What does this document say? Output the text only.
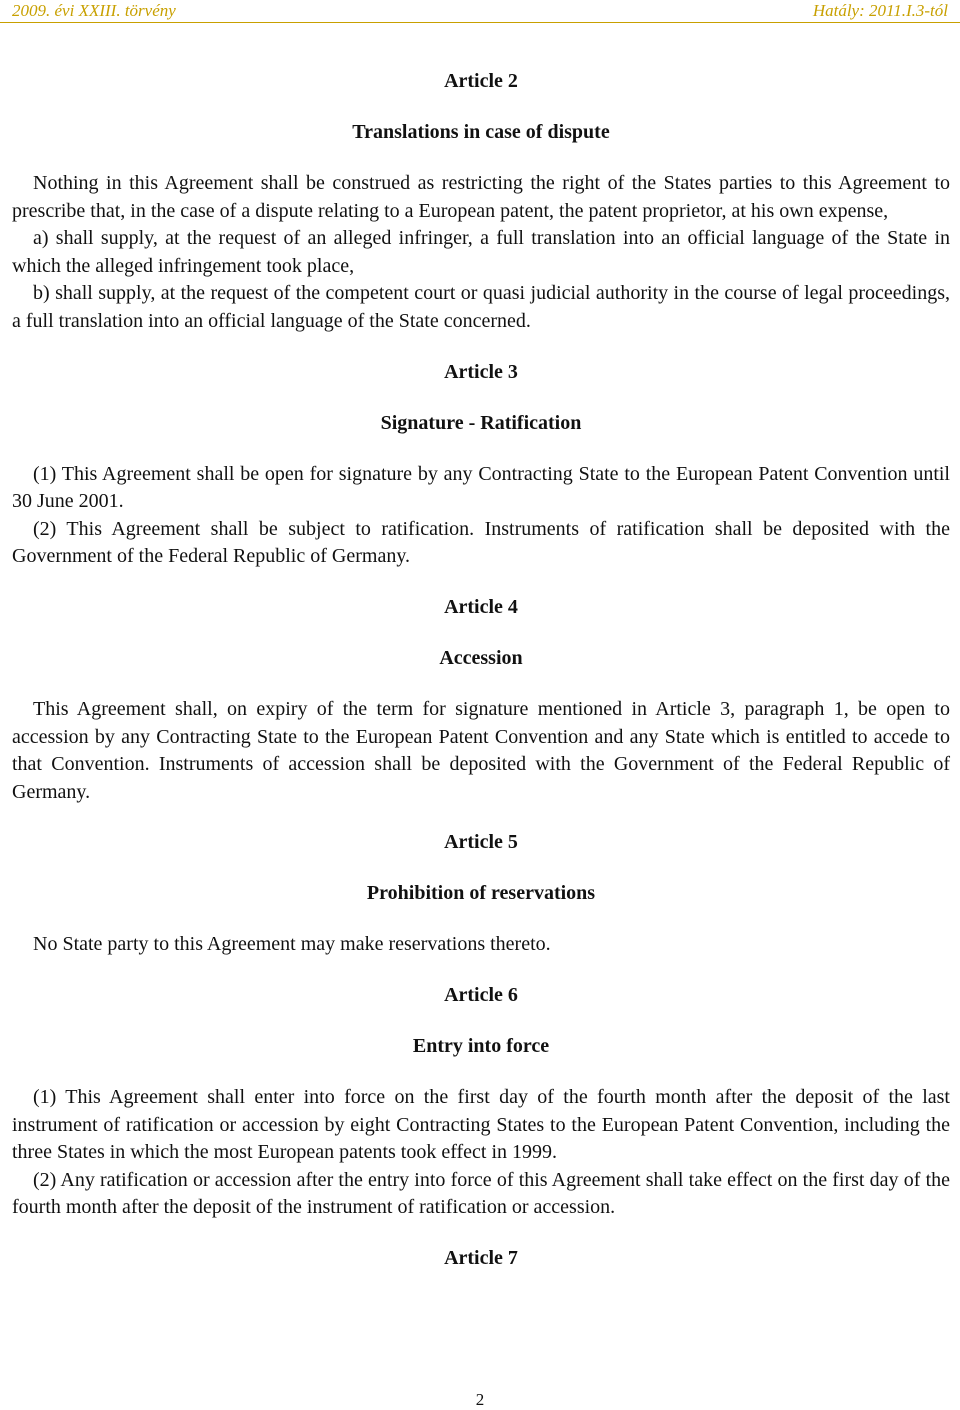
2009. évi XXIII. törvény	Hatály: 2011.I.3-tól
Article 2
Translations in case of dispute

Nothing in this Agreement shall be construed as restricting the right of the States parties to this Agreement to prescribe that, in the case of a dispute relating to a European patent, the patent proprietor, at his own expense,

a) shall supply, at the request of an alleged infringer, a full translation into an official language of the State in which the alleged infringement took place,

b) shall supply, at the request of the competent court or quasi judicial authority in the course of legal proceedings, a full translation into an official language of the State concerned.

Article 3
Signature - Ratification

(1) This Agreement shall be open for signature by any Contracting State to the European Patent Convention until 30 June 2001.

(2) This Agreement shall be subject to ratification. Instruments of ratification shall be deposited with the Government of the Federal Republic of Germany.

Article 4
Accession

This Agreement shall, on expiry of the term for signature mentioned in Article 3, paragraph 1, be open to accession by any Contracting State to the European Patent Convention and any State which is entitled to accede to that Convention. Instruments of accession shall be deposited with the Government of the Federal Republic of Germany.

Article 5
Prohibition of reservations

No State party to this Agreement may make reservations thereto.

Article 6
Entry into force

(1) This Agreement shall enter into force on the first day of the fourth month after the deposit of the last instrument of ratification or accession by eight Contracting States to the European Patent Convention, including the three States in which the most European patents took effect in 1999.

(2) Any ratification or accession after the entry into force of this Agreement shall take effect on the first day of the fourth month after the deposit of the instrument of ratification or accession.

Article 7
2
